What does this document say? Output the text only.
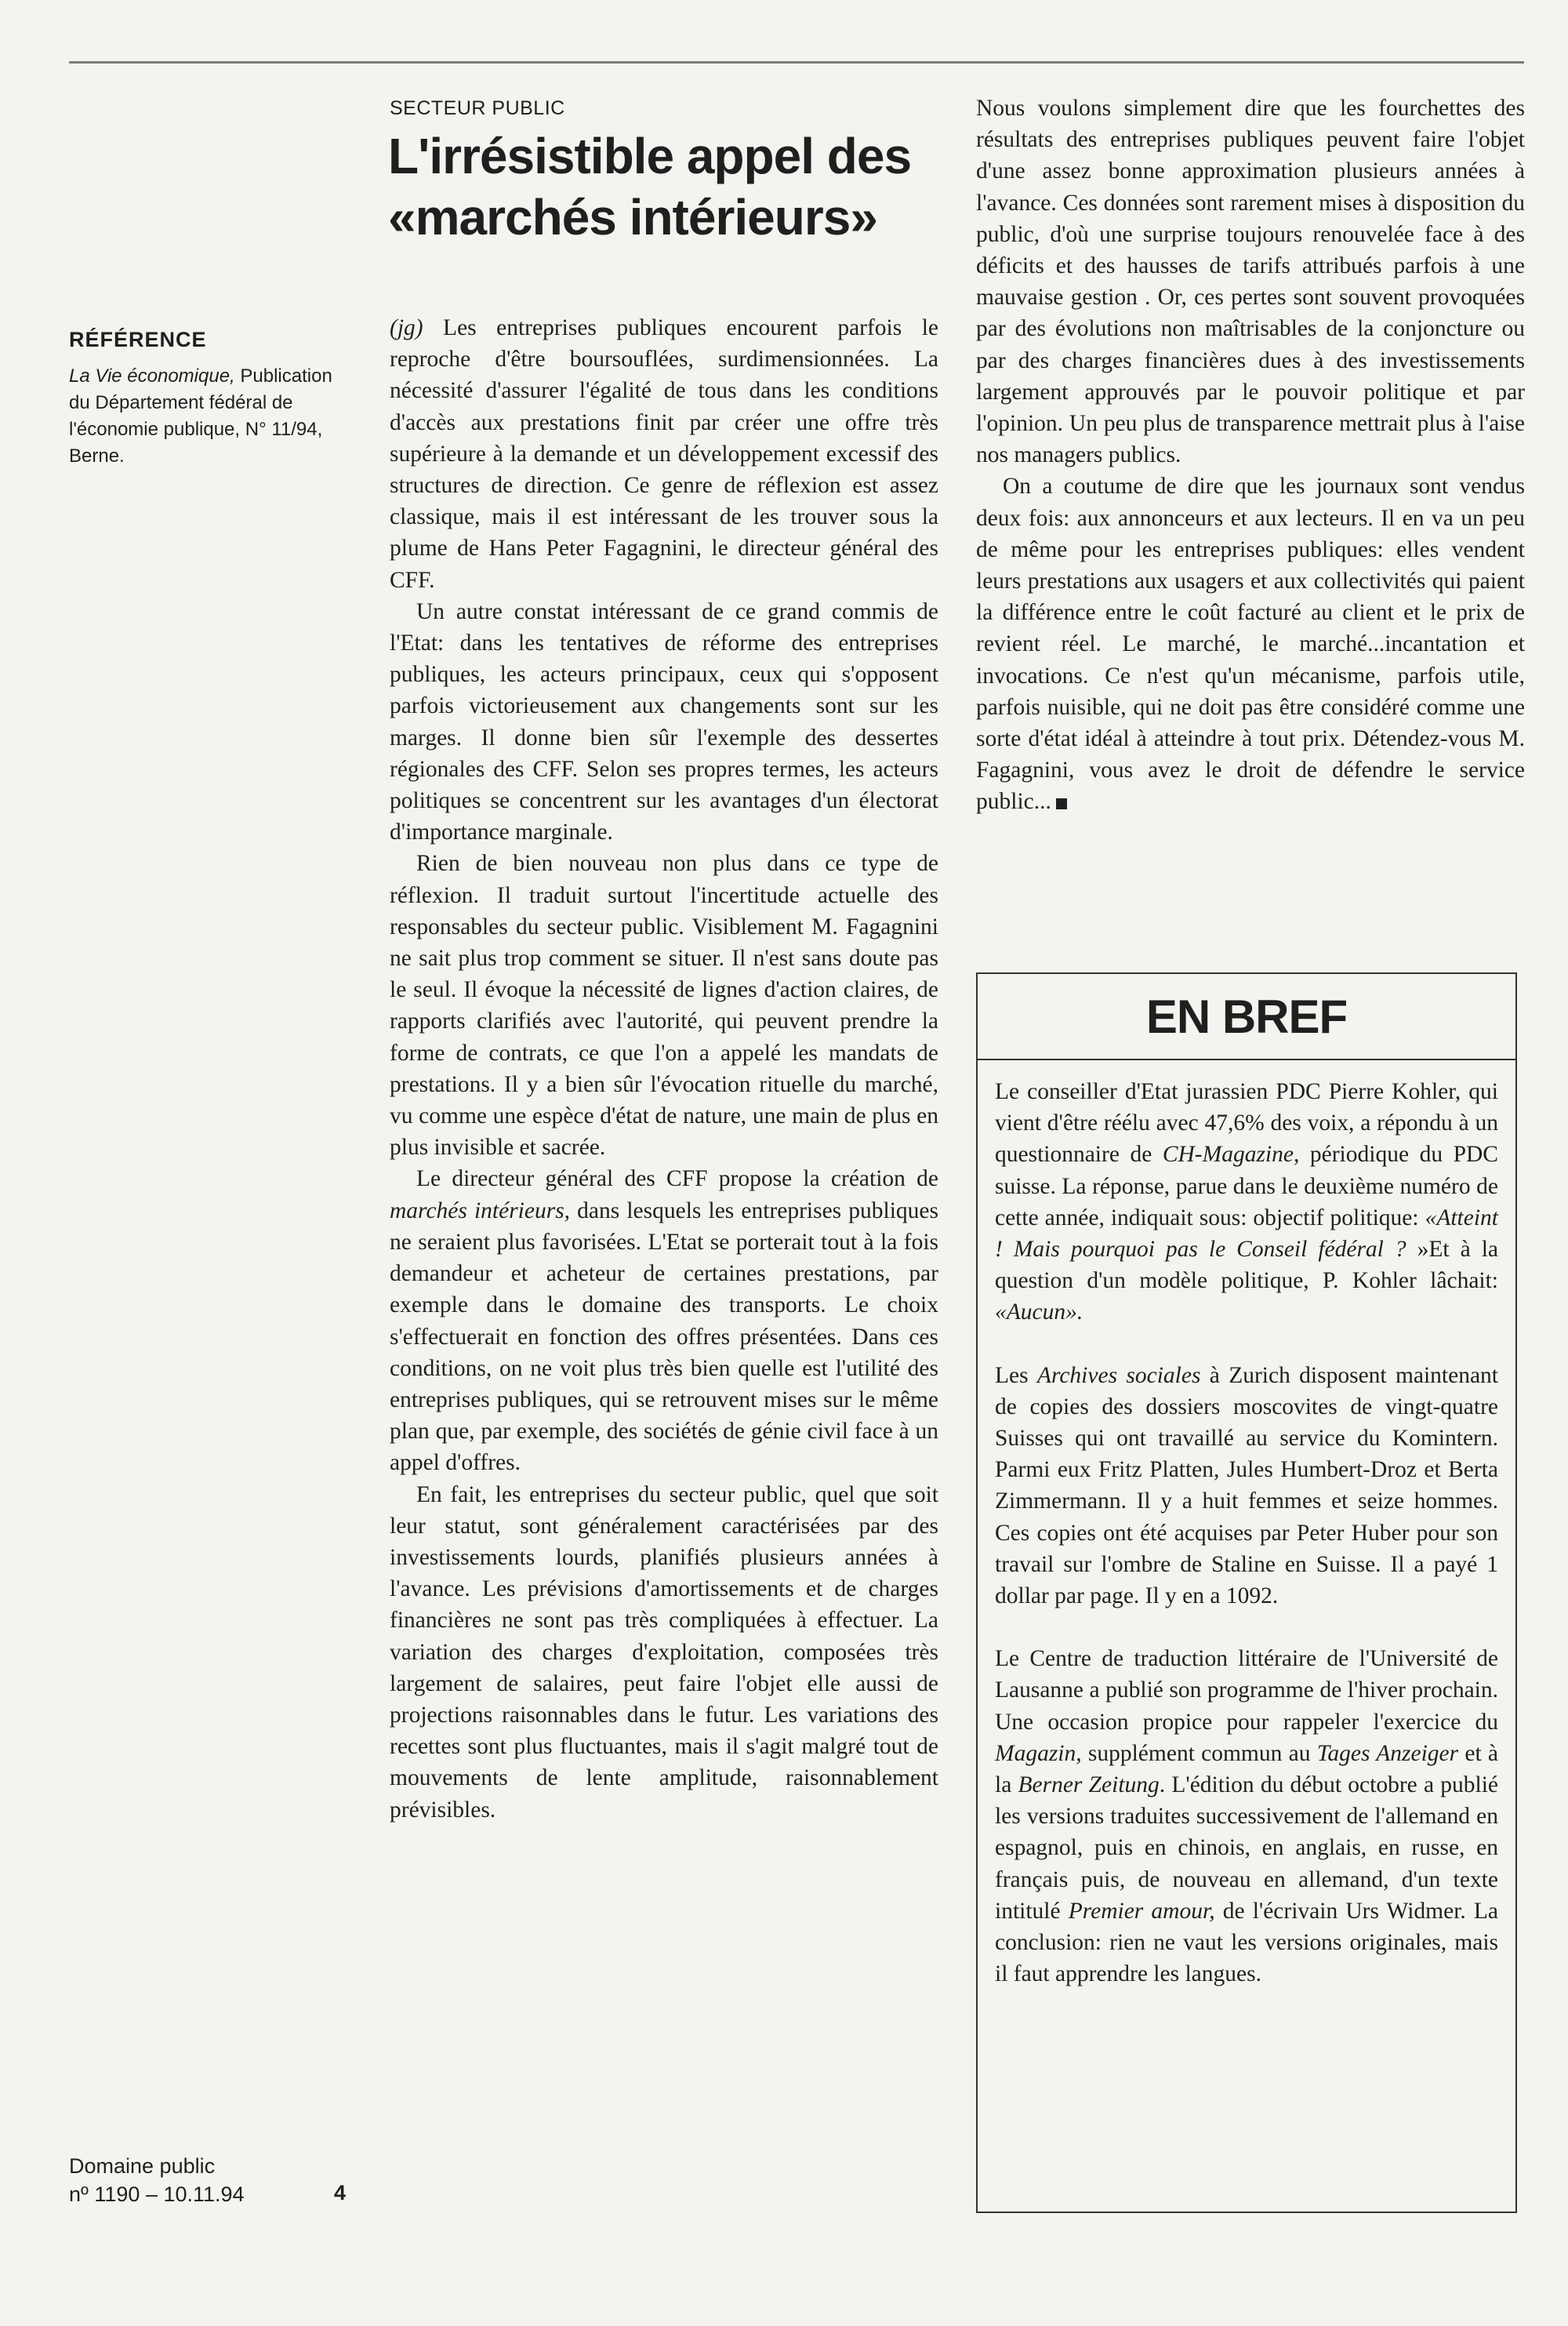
RÉFÉRENCE
La Vie économique, Publication du Département fédéral de l'économie publique, N° 11/94, Berne.
Domaine public
nº 1190 – 10.11.94	4
SECTEUR PUBLIC
L'irrésistible appel des «marchés intérieurs»

(jg) Les entreprises publiques encourent parfois le reproche d'être boursouflées, surdimensionnées. La nécessité d'assurer l'égalité de tous dans les conditions d'accès aux prestations finit par créer une offre très supérieure à la demande et un développement excessif des structures de direction. Ce genre de réflexion est assez classique, mais il est intéressant de les trouver sous la plume de Hans Peter Fagagnini, le directeur général des CFF.

Un autre constat intéressant de ce grand commis de l'Etat: dans les tentatives de réforme des entreprises publiques, les acteurs principaux, ceux qui s'opposent parfois victorieusement aux changements sont sur les marges. Il donne bien sûr l'exemple des dessertes régionales des CFF. Selon ses propres termes, les acteurs politiques se concentrent sur les avantages d'un électorat d'importance marginale.

Rien de bien nouveau non plus dans ce type de réflexion. Il traduit surtout l'incertitude actuelle des responsables du secteur public. Visiblement M. Fagagnini ne sait plus trop comment se situer. Il n'est sans doute pas le seul. Il évoque la nécessité de lignes d'action claires, de rapports clarifiés avec l'autorité, qui peuvent prendre la forme de contrats, ce que l'on a appelé les mandats de prestations. Il y a bien sûr l'évocation rituelle du marché, vu comme une espèce d'état de nature, une main de plus en plus invisible et sacrée.

Le directeur général des CFF propose la création de marchés intérieurs, dans lesquels les entreprises publiques ne seraient plus favorisées. L'Etat se porterait tout à la fois demandeur et acheteur de certaines prestations, par exemple dans le domaine des transports. Le choix s'effectuerait en fonction des offres présentées. Dans ces conditions, on ne voit plus très bien quelle est l'utilité des entreprises publiques, qui se retrouvent mises sur le même plan que, par exemple, des sociétés de génie civil face à un appel d'offres.

En fait, les entreprises du secteur public, quel que soit leur statut, sont généralement caractérisées par des investissements lourds, planifiés plusieurs années à l'avance. Les prévisions d'amortissements et de charges financières ne sont pas très compliquées à effectuer. La variation des charges d'exploitation, composées très largement de salaires, peut faire l'objet elle aussi de projections raisonnables dans le futur. Les variations des recettes sont plus fluctuantes, mais il s'agit malgré tout de mouvements de lente amplitude, raisonnablement prévisibles.

Nous voulons simplement dire que les fourchettes des résultats des entreprises publiques peuvent faire l'objet d'une assez bonne approximation plusieurs années à l'avance. Ces données sont rarement mises à disposition du public, d'où une surprise toujours renouvelée face à des déficits et des hausses de tarifs attribués parfois à une mauvaise gestion . Or, ces pertes sont souvent provoquées par des évolutions non maîtrisables de la conjoncture ou par des charges financières dues à des investissements largement approuvés par le pouvoir politique et par l'opinion. Un peu plus de transparence mettrait plus à l'aise nos managers publics.

On a coutume de dire que les journaux sont vendus deux fois: aux annonceurs et aux lecteurs. Il en va un peu de même pour les entreprises publiques: elles vendent leurs prestations aux usagers et aux collectivités qui paient la différence entre le coût facturé au client et le prix de revient réel. Le marché, le marché...incantation et invocations. Ce n'est qu'un mécanisme, parfois utile, parfois nuisible, qui ne doit pas être considéré comme une sorte d'état idéal à atteindre à tout prix. Détendez-vous M. Fagagnini, vous avez le droit de défendre le service public...

EN BREF

Le conseiller d'Etat jurassien PDC Pierre Kohler, qui vient d'être réélu avec 47,6% des voix, a répondu à un questionnaire de CH-Magazine, périodique du PDC suisse. La réponse, parue dans le deuxième numéro de cette année, indiquait sous: objectif politique: «Atteint ! Mais pourquoi pas le Conseil fédéral ? »Et à la question d'un modèle politique, P. Kohler lâchait: «Aucun».

Les Archives sociales à Zurich disposent maintenant de copies des dossiers moscovites de vingt-quatre Suisses qui ont travaillé au service du Komintern. Parmi eux Fritz Platten, Jules Humbert-Droz et Berta Zimmermann. Il y a huit femmes et seize hommes. Ces copies ont été acquises par Peter Huber pour son travail sur l'ombre de Staline en Suisse. Il a payé 1 dollar par page. Il y en a 1092.

Le Centre de traduction littéraire de l'Université de Lausanne a publié son programme de l'hiver prochain. Une occasion propice pour rappeler l'exercice du Magazin, supplément commun au Tages Anzeiger et à la Berner Zeitung. L'édition du début octobre a publié les versions traduites successivement de l'allemand en espagnol, puis en chinois, en anglais, en russe, en français puis, de nouveau en allemand, d'un texte intitulé Premier amour, de l'écrivain Urs Widmer. La conclusion: rien ne vaut les versions originales, mais il faut apprendre les langues.
